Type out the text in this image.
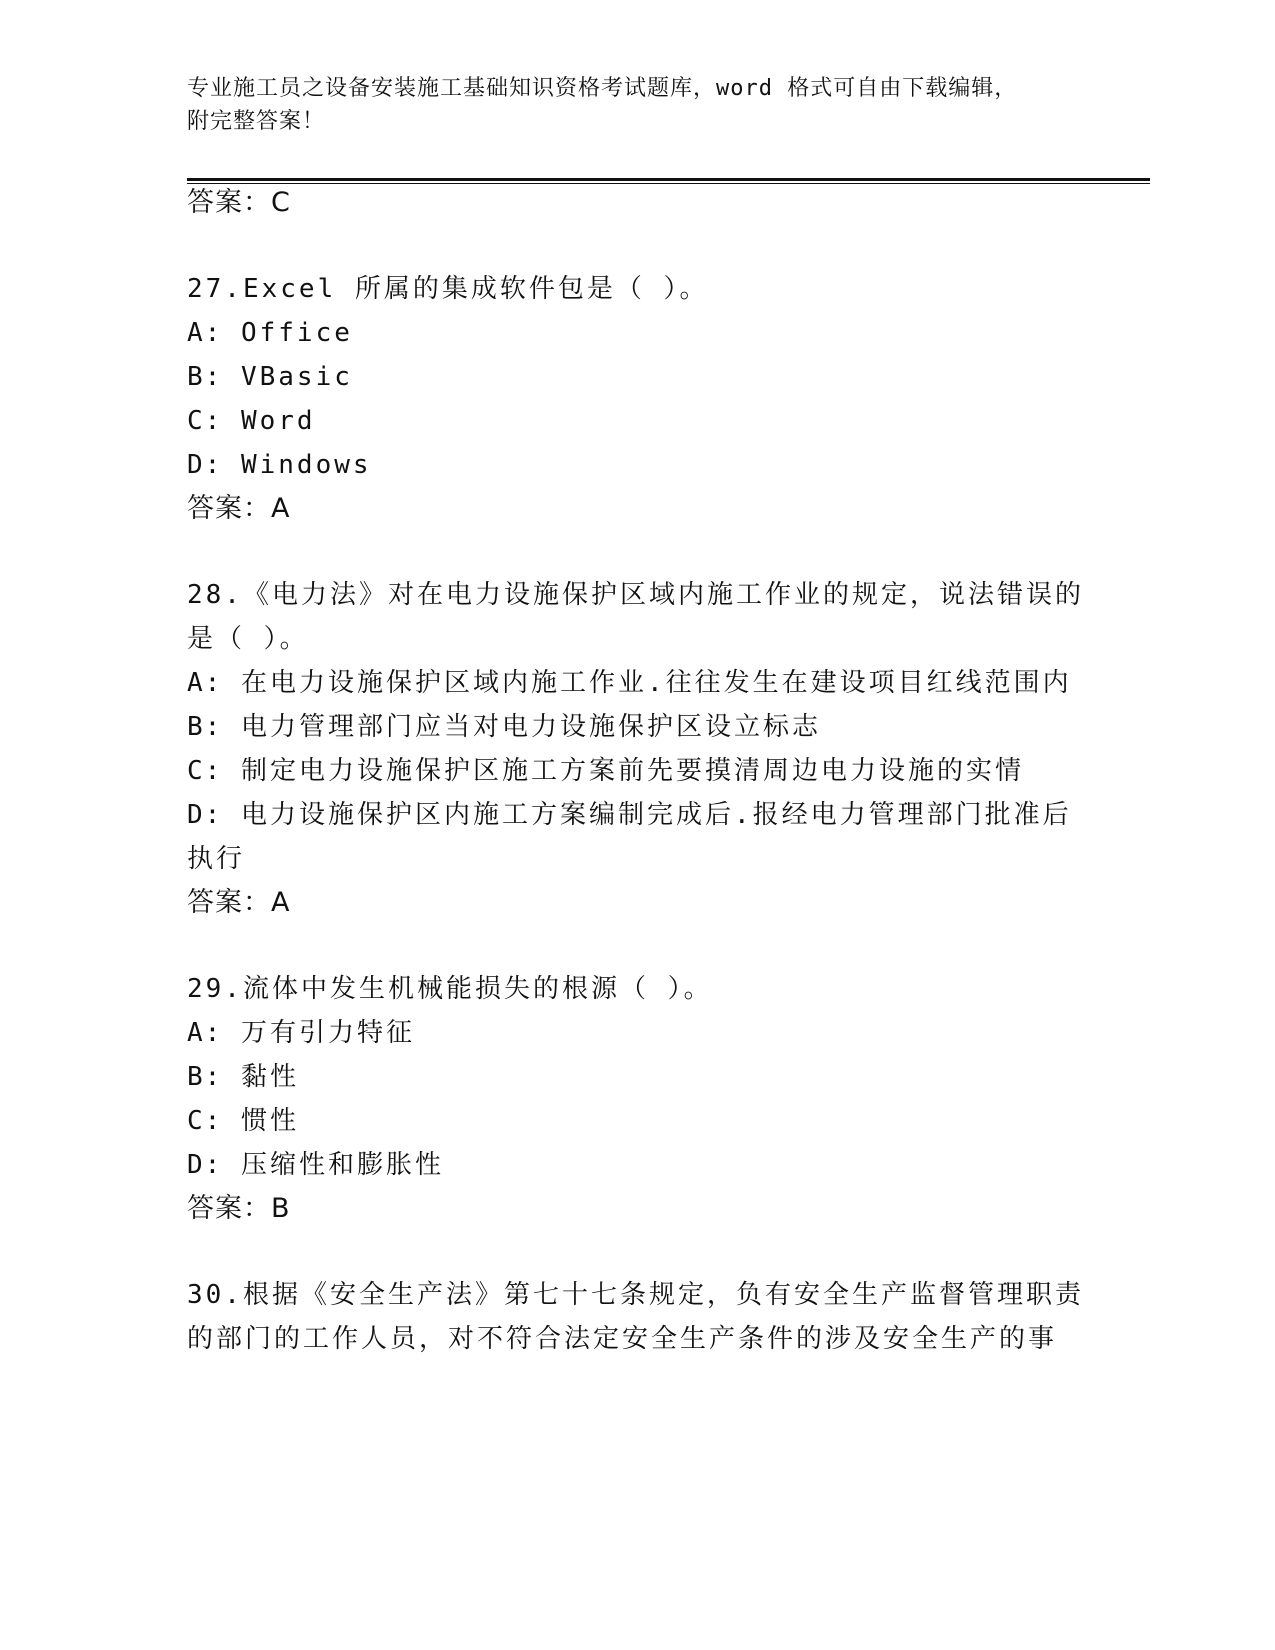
专业施工员之设备安装施工基础知识资格考试题库，word 格式可自由下载编辑，
附完整答案！
答案：C
27.Excel 所属的集成软件包是（ ）。
A: Office
B: VBasic
C: Word
D: Windows
答案：A
28.《电力法》对在电力设施保护区域内施工作业的规定，说法错误的
是（ ）。
A: 在电力设施保护区域内施工作业.往往发生在建设项目红线范围内
B: 电力管理部门应当对电力设施保护区设立标志
C: 制定电力设施保护区施工方案前先要摸清周边电力设施的实情
D: 电力设施保护区内施工方案编制完成后.报经电力管理部门批准后
执行
答案：A
29.流体中发生机械能损失的根源（ ）。
A: 万有引力特征
B: 黏性
C: 惯性
D: 压缩性和膨胀性
答案：B
30.根据《安全生产法》第七十七条规定，负有安全生产监督管理职责
的部门的工作人员，对不符合法定安全生产条件的涉及安全生产的事
